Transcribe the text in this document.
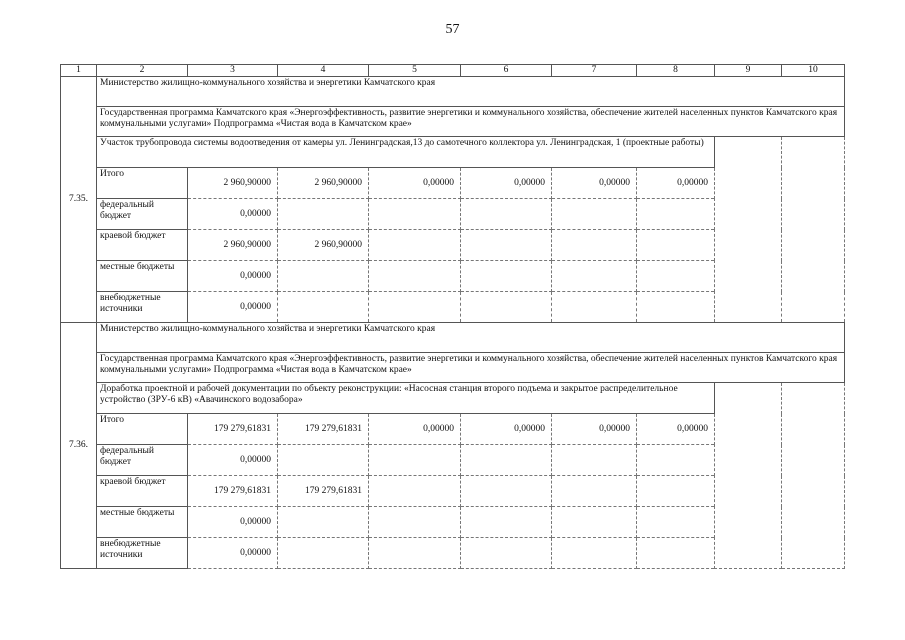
57
1	2	3	4	5	6	7	8	9	10
7.35.	Министерство жилищно-коммунального хозяйства и энергетики Камчатского края								
	Государственная программа Камчатского края «Энергоэффективность, развитие энергетики и коммунального хозяйства, обеспечение жителей населенных пунктов Камчатского края коммунальными услугами» Подпрограмма «Чистая вода в Камчатском крае»								
	Участок трубопровода системы водоотведения от камеры ул. Ленинградская,13 до самотечного коллектора ул. Ленинградская, 1 (проектные работы)								
	Итого	2 960,90000	2 960,90000	0,00000	0,00000	0,00000	0,00000		
	федеральный бюджет	0,00000							
	краевой бюджет	2 960,90000	2 960,90000						
	местные бюджеты	0,00000							
	внебюджетные источники	0,00000							
7.36.	Министерство жилищно-коммунального хозяйства и энергетики Камчатского края								
	Государственная программа Камчатского края «Энергоэффективность, развитие энергетики и коммунального хозяйства, обеспечение жителей населенных пунктов Камчатского края коммунальными услугами» Подпрограмма «Чистая вода в Камчатском крае»								
	Доработка проектной и рабочей документации по объекту реконструкции: «Насосная станция второго подъема и закрытое распределительное устройство (ЗРУ-6 кВ) «Авачинского водозабора»								
	Итого	179 279,61831	179 279,61831	0,00000	0,00000	0,00000	0,00000		
	федеральный бюджет	0,00000							
	краевой бюджет	179 279,61831	179 279,61831						
	местные бюджеты	0,00000							
	внебюджетные источники	0,00000							
